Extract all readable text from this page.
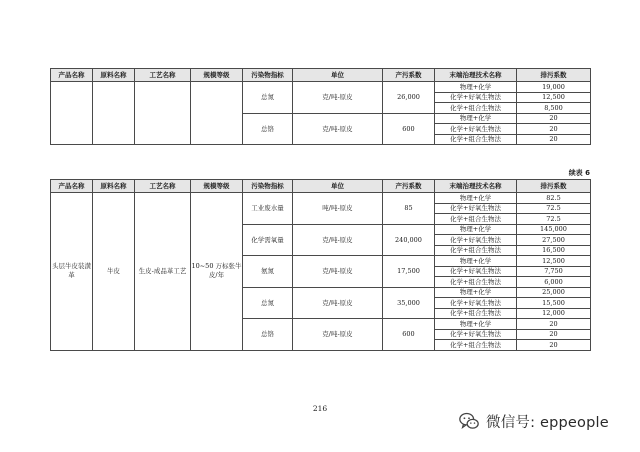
产品名称	原料名称	工艺名称	规模等级	污染物指标	单位	产污系数	末端治理技术名称	排污系数
				总氮	克/吨-原皮	26,000	物理+化学	19,000
							化学+好氧生物法	12,500
							化学+组合生物法	8,500
				总铬	克/吨-原皮	600	物理+化学	20
							化学+好氧生物法	20
							化学+组合生物法	20
续表 6
产品名称	原料名称	工艺名称	规模等级	污染物指标	单位	产污系数	末端治理技术名称	排污系数
头层牛皮装潢革	牛皮	生皮-成品革工艺	10~50 万标张牛皮/年	工业废水量	吨/吨-原皮	85	物理+化学	82.5
							化学+好氧生物法	72.5
							化学+组合生物法	72.5
				化学需氧量	克/吨-原皮	240,000	物理+化学	145,000
							化学+好氧生物法	27,500
							化学+组合生物法	16,500
				氨氮	克/吨-原皮	17,500	物理+化学	12,500
							化学+好氧生物法	7,750
							化学+组合生物法	6,000
				总氮	克/吨-原皮	35,000	物理+化学	25,000
							化学+好氧生物法	15,500
							化学+组合生物法	12,000
				总铬	克/吨-原皮	600	物理+化学	20
							化学+好氧生物法	20
							化学+组合生物法	20
216
微信号: eppeople
